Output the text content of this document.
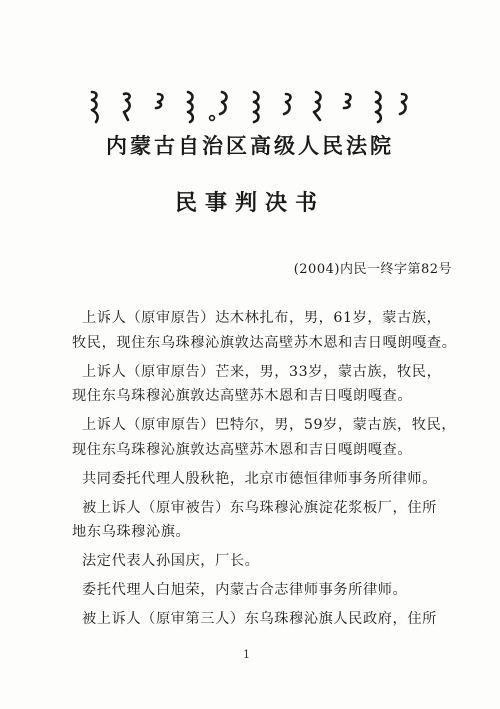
内蒙古自治区高级人民法院
民事判决书
(2004)内民一终字第82号

上诉人（原审原告）达木林扎布，男，61岁，蒙古族，
牧民，现住东乌珠穆沁旗敦达高壁苏木恩和吉日嘎朗嘎查。

上诉人（原审原告）芒来，男，33岁，蒙古族，牧民，
现住东乌珠穆沁旗敦达高壁苏木恩和吉日嘎朗嘎查。

上诉人（原审原告）巴特尔，男，59岁，蒙古族，牧民，
现住东乌珠穆沁旗敦达高壁苏木恩和吉日嘎朗嘎查。

共同委托代理人殷秋艳，北京市德恒律师事务所律师。

被上诉人（原审被告）东乌珠穆沁旗淀花浆板厂，住所
地东乌珠穆沁旗。

法定代表人孙国庆，厂长。

委托代理人白旭荣，内蒙古合志律师事务所律师。

被上诉人（原审第三人）东乌珠穆沁旗人民政府，住所

1
